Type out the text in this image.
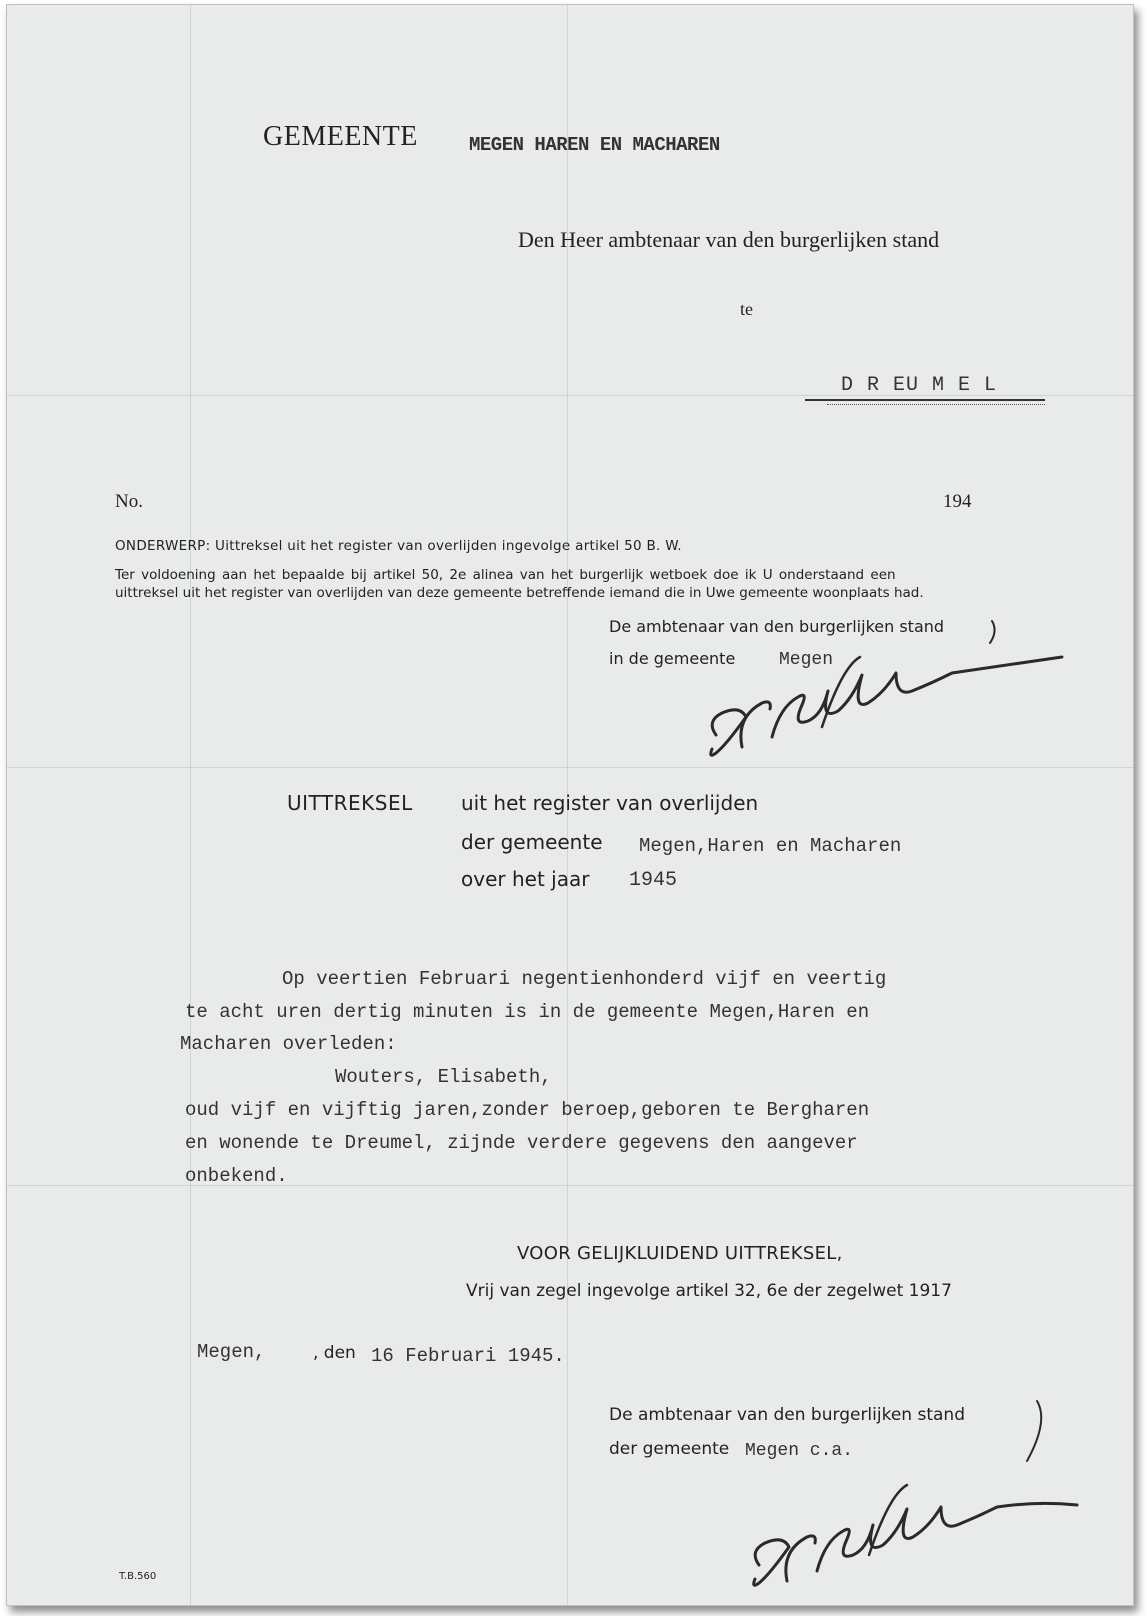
GEMEENTE	MEGEN HAREN EN MACHAREN
Den Heer ambtenaar van den burgerlijken stand
te
D R EU M E L
No.	194
ONDERWERP: Uittreksel uit het register van overlijden ingevolge artikel 50 B. W.
Ter voldoening aan het bepaalde bij artikel 50, 2e alinea van het burgerlijk wetboek doe ik U onderstaand een
uittreksel uit het register van overlijden van deze gemeente betreffende iemand die in Uwe gemeente woonplaats had.
De ambtenaar van den burgerlijken stand
in de gemeente Megen
UITTREKSEL uit het register van overlijden
der gemeente Megen,Haren en Macharen
over het jaar 1945
Op veertien Februari negentienhonderd vijf en veertig
te acht uren dertig minuten is in de gemeente Megen,Haren en
Macharen overleden:
Wouters, Elisabeth,
oud vijf en vijftig jaren,zonder beroep,geboren te Bergharen
en wonende te Dreumel, zijnde verdere gegevens den aangever
onbekend.
VOOR GELIJKLUIDEND UITTREKSEL,
Vrij van zegel ingevolge artikel 32, 6e der zegelwet 1917
Megen,	, den 16 Februari 1945.
De ambtenaar van den burgerlijken stand
der gemeente Megen c.a.
T.B.560
